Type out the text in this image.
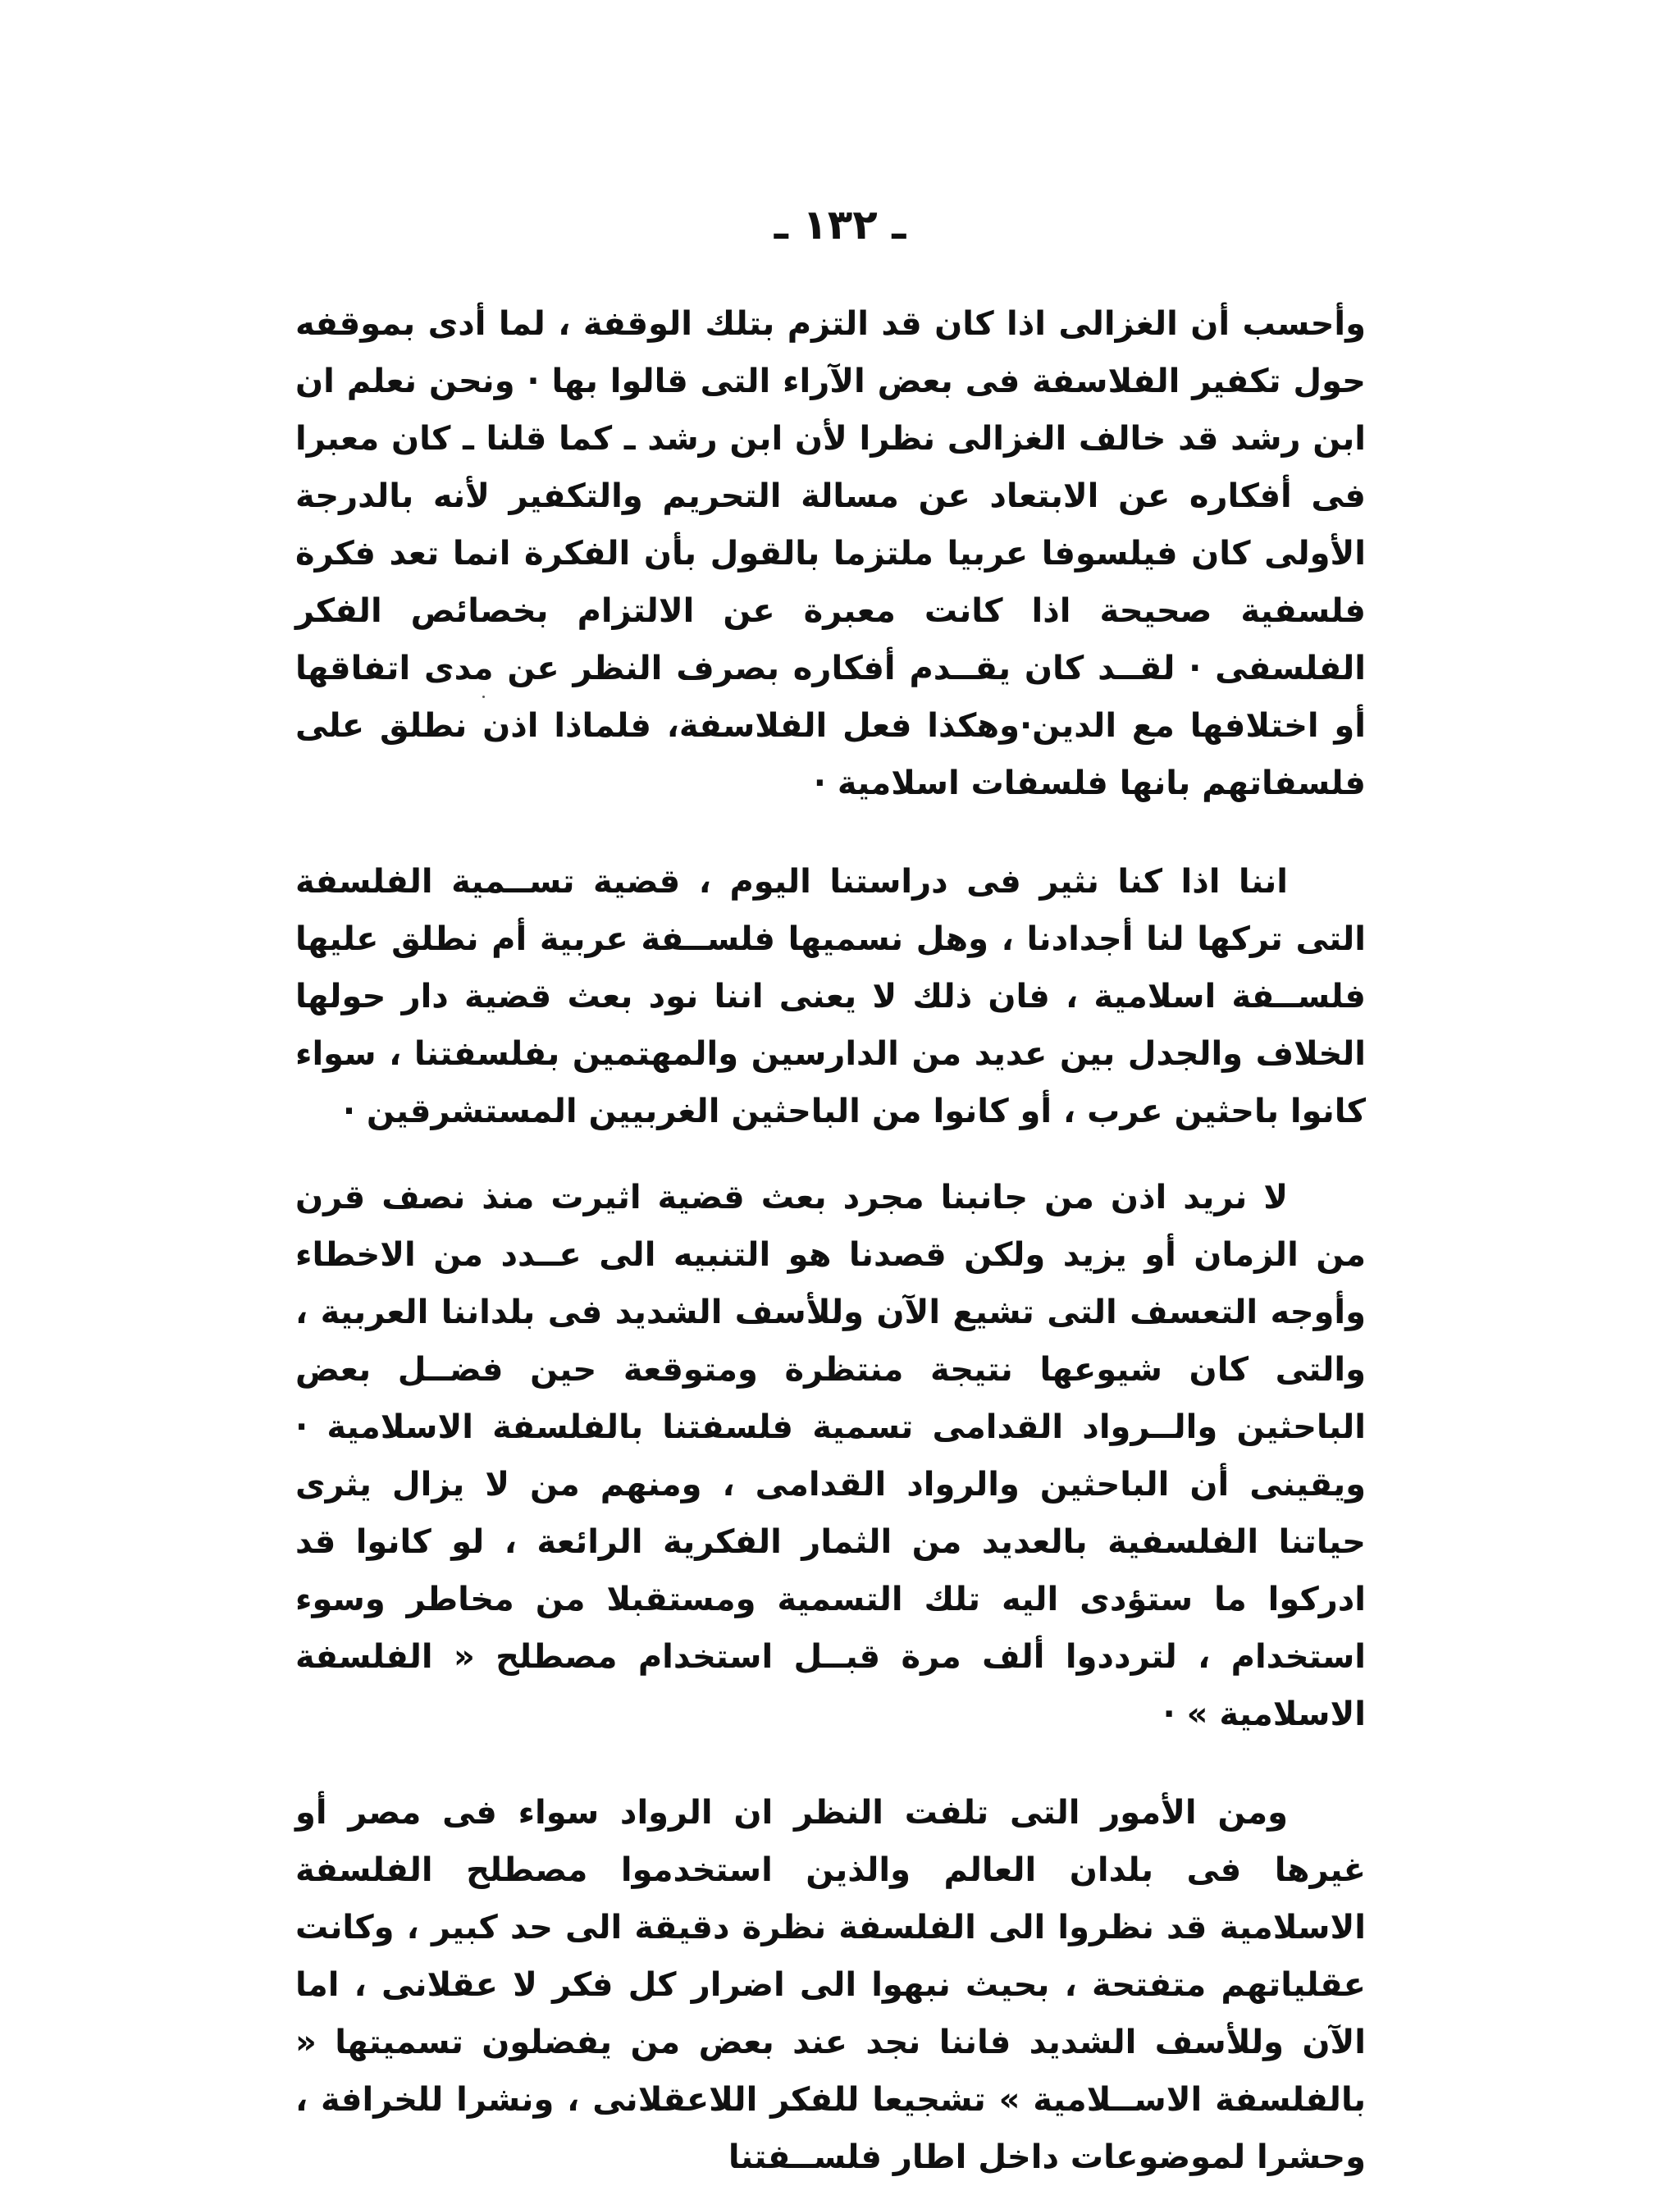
ـ ١٣٢ ـ

وأحسب أن الغزالى اذا كان قد التزم بتلك الوقفة ، لما أدى بموقفه حول تكفير الفلاسفة فى بعض الآراء التى قالوا بها · ونحن نعلم ان ابن رشد قد خالف الغزالى نظرا لأن ابن رشد ـ كما قلنا ـ كان معبرا فى أفكاره عن الابتعاد عن مسالة التحريم والتكفير لأنه بالدرجة الأولى كان فيلسوفا عربيا ملتزما بالقول بأن الفكرة انما تعد فكرة فلسفية صحيحة اذا كانت معبرة عن الالتزام بخصائص الفكر الفلسفى · لقــد كان يقــدم أفكاره بصرف النظر عن مدى اتفاقها أو اختلافها مع الدين·وهكذا فعل الفلاسفة، فلماذا اذن نطلق على فلسفاتهم بانها فلسفات اسلامية ·

اننا اذا كنا نثير فى دراستنا اليوم ، قضية تســمية الفلسفة التى تركها لنا أجدادنا ، وهل نسميها فلســفة عربية أم نطلق عليها فلســفة اسلامية ، فان ذلك لا يعنى اننا نود بعث قضية دار حولها الخلاف والجدل بين عديد من الدارسين والمهتمين بفلسفتنا ، سواء كانوا باحثين عرب ، أو كانوا من الباحثين الغربيين المستشرقين ·

لا نريد اذن من جانبنا مجرد بعث قضية اثيرت منذ نصف قرن من الزمان أو يزيد ولكن قصدنا هو التنبيه الى عــدد من الاخطاء وأوجه التعسف التى تشيع الآن وللأسف الشديد فى بلداننا العربية ، والتى كان شيوعها نتيجة منتظرة ومتوقعة حين فضــل بعض الباحثين والــرواد القدامى تسمية فلسفتنا بالفلسفة الاسلامية · ويقينى أن الباحثين والرواد القدامى ، ومنهم من لا يزال يثرى حياتنا الفلسفية بالعديد من الثمار الفكرية الرائعة ، لو كانوا قد ادركوا ما ستؤدى اليه تلك التسمية ومستقبلا من مخاطر وسوء استخدام ، لترددوا ألف مرة قبــل استخدام مصطلح « الفلسفة الاسلامية » ·

ومن الأمور التى تلفت النظر ان الرواد سواء فى مصر أو غيرها فى بلدان العالم والذين استخدموا مصطلح الفلسفة الاسلامية قد نظروا الى الفلسفة نظرة دقيقة الى حد كبير ، وكانت عقلياتهم متفتحة ، بحيث نبهوا الى اضرار كل فكر لا عقلانى ، اما الآن وللأسف الشديد فاننا نجد عند بعض من يفضلون تسميتها « بالفلسفة الاســلامية » تشجيعا للفكر اللاعقلانى ، ونشرا للخرافة ، وحشرا لموضوعات داخل اطار فلســفتنا
